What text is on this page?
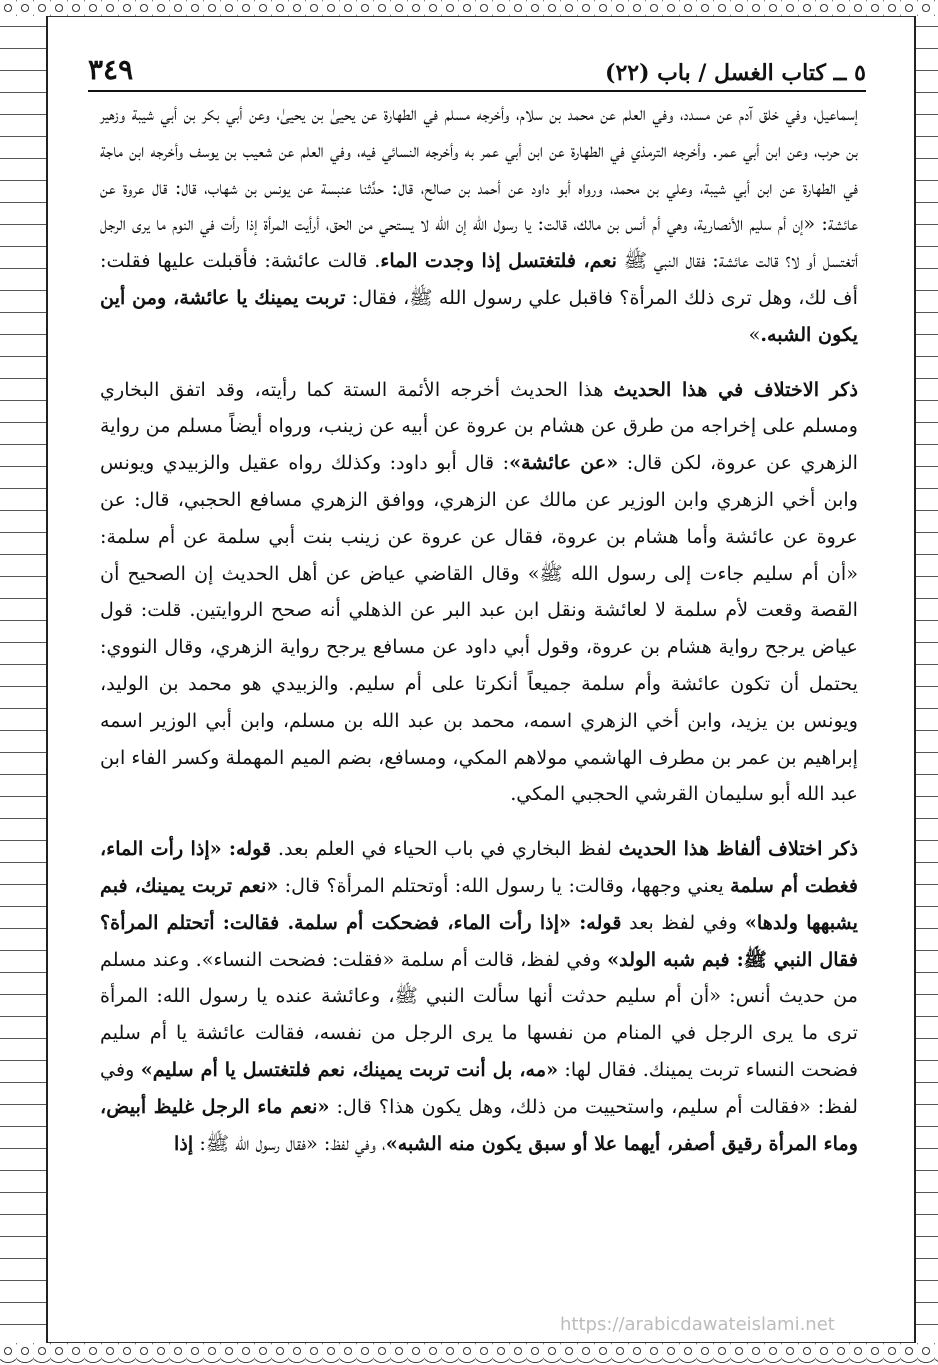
٥ ــ كتاب الغسل / باب (٢٢)
٣٤٩

إسماعيل، وفي خلق آدم عن مسدد، وفي العلم عن محمد بن سلام، وأخرجه مسلم في الطهارة عن يحيىٰ بن يحيىٰ، وعن أبي بكر بن أبي شيبة وزهير بن حرب، وعن ابن أبي عمر. وأخرجه الترمذي في الطهارة عن ابن أبي عمر به وأخرجه النسائي فيه، وفي العلم عن شعيب بن يوسف وأخرجه ابن ماجة في الطهارة عن ابن أبي شيبة، وعلي بن محمد، ورواه أبو داود عن أحمد بن صالح، قال: حدَّثنا عنبسة عن يونس بن شهاب، قال: قال عروة عن عائشة: «إن أم سليم الأنصارية، وهي أم أنس بن مالك، قالت: يا رسول الله إن الله لا يستحي من الحق، أرأيت المرأة إذا رأت في النوم ما يرى الرجل أتغتسل أو لا؟ قالت عائشة: فقال النبي ﷺ نعم، فلتغتسل إذا وجدت الماء. قالت عائشة: فأقبلت عليها فقلت: أف لك، وهل ترى ذلك المرأة؟ فاقبل علي رسول الله ﷺ، فقال: تربت يمينك يا عائشة، ومن أين يكون الشبه.»

ذكر الاختلاف في هذا الحديث هذا الحديث أخرجه الأئمة الستة كما رأيته، وقد اتفق البخاري ومسلم على إخراجه من طرق عن هشام بن عروة عن أبيه عن زينب، ورواه أيضاً مسلم من رواية الزهري عن عروة، لكن قال: «عن عائشة»: قال أبو داود: وكذلك رواه عقيل والزبيدي ويونس وابن أخي الزهري وابن الوزير عن مالك عن الزهري، ووافق الزهري مسافع الحجبي، قال: عن عروة عن عائشة وأما هشام بن عروة، فقال عن عروة عن زينب بنت أبي سلمة عن أم سلمة: «أن أم سليم جاءت إلى رسول الله ﷺ» وقال القاضي عياض عن أهل الحديث إن الصحيح أن القصة وقعت لأم سلمة لا لعائشة ونقل ابن عبد البر عن الذهلي أنه صحح الروايتين. قلت: قول عياض يرجح رواية هشام بن عروة، وقول أبي داود عن مسافع يرجح رواية الزهري، وقال النووي: يحتمل أن تكون عائشة وأم سلمة جميعاً أنكرتا على أم سليم. والزبيدي هو محمد بن الوليد، ويونس بن يزيد، وابن أخي الزهري اسمه، محمد بن عبد الله بن مسلم، وابن أبي الوزير اسمه إبراهيم بن عمر بن مطرف الهاشمي مولاهم المكي، ومسافع، بضم الميم المهملة وكسر الفاء ابن عبد الله أبو سليمان القرشي الحجبي المكي.

ذكر اختلاف ألفاظ هذا الحديث لفظ البخاري في باب الحياء في العلم بعد. قوله: «إذا رأت الماء، فغطت أم سلمة يعني وجهها، وقالت: يا رسول الله: أوتحتلم المرأة؟ قال: «نعم تربت يمينك، فبم يشبهها ولدها» وفي لفظ بعد قوله: «إذا رأت الماء، فضحكت أم سلمة. فقالت: أتحتلم المرأة؟ فقال النبي ﷺ: فبم شبه الولد» وفي لفظ، قالت أم سلمة «فقلت: فضحت النساء». وعند مسلم من حديث أنس: «أن أم سليم حدثت أنها سألت النبي ﷺ، وعائشة عنده يا رسول الله: المرأة ترى ما يرى الرجل في المنام من نفسها ما يرى الرجل من نفسه، فقالت عائشة يا أم سليم فضحت النساء تربت يمينك. فقال لها: «مه، بل أنت تربت يمينك، نعم فلتغتسل يا أم سليم» وفي لفظ: «فقالت أم سليم، واستحييت من ذلك، وهل يكون هذا؟ قال: «نعم ماء الرجل غليظ أبيض، وماء المرأة رقيق أصفر، أيهما علا أو سبق يكون منه الشبه»، وفي لفظ: «فقال رسول الله ﷺ: إذا

https://arabicdawateislami.net
